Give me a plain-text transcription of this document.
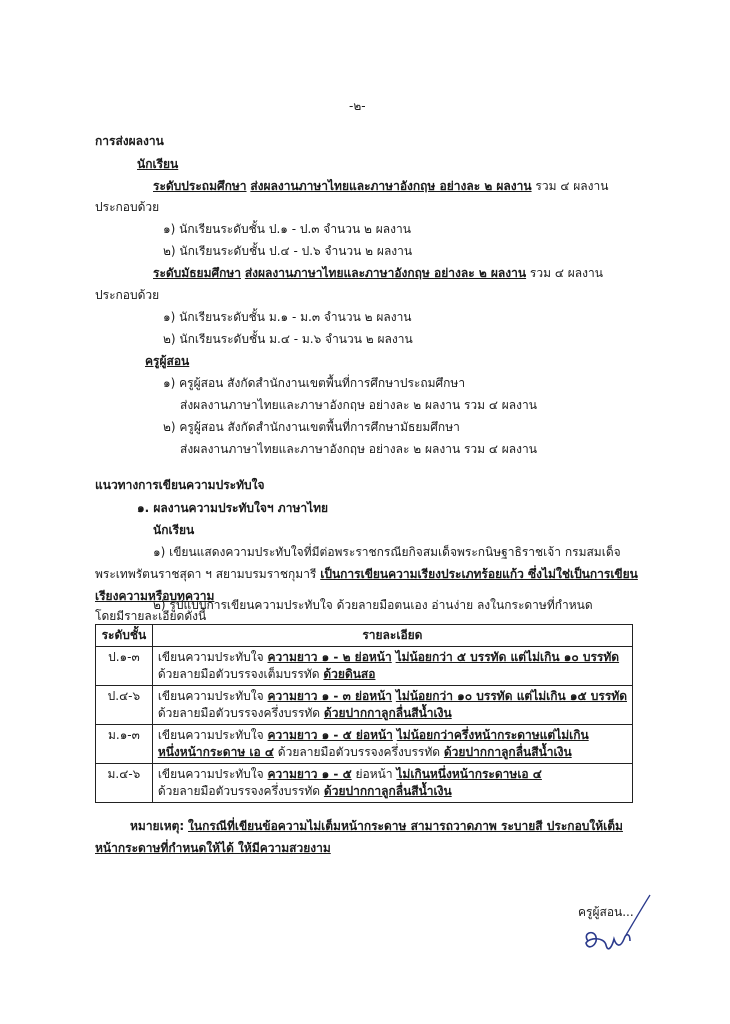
-๒-
การส่งผลงาน
นักเรียน
ระดับประถมศึกษา ส่งผลงานภาษาไทยและภาษาอังกฤษ อย่างละ ๒ ผลงาน รวม ๔ ผลงาน
ประกอบด้วย
๑) นักเรียนระดับชั้น ป.๑ - ป.๓ จำนวน ๒ ผลงาน
๒) นักเรียนระดับชั้น ป.๔ - ป.๖ จำนวน ๒ ผลงาน
ระดับมัธยมศึกษา ส่งผลงานภาษาไทยและภาษาอังกฤษ อย่างละ ๒ ผลงาน รวม ๔ ผลงาน
ประกอบด้วย
๑) นักเรียนระดับชั้น ม.๑ - ม.๓ จำนวน ๒ ผลงาน
๒) นักเรียนระดับชั้น ม.๔ - ม.๖ จำนวน ๒ ผลงาน
ครูผู้สอน
๑) ครูผู้สอน สังกัดสำนักงานเขตพื้นที่การศึกษาประถมศึกษา
ส่งผลงานภาษาไทยและภาษาอังกฤษ อย่างละ ๒ ผลงาน รวม ๔ ผลงาน
๒) ครูผู้สอน สังกัดสำนักงานเขตพื้นที่การศึกษามัธยมศึกษา
ส่งผลงานภาษาไทยและภาษาอังกฤษ อย่างละ ๒ ผลงาน รวม ๔ ผลงาน
แนวทางการเขียนความประทับใจ
๑. ผลงานความประทับใจฯ ภาษาไทย
นักเรียน
๑) เขียนแสดงความประทับใจที่มีต่อพระราชกรณียกิจสมเด็จพระกนิษฐาธิราชเจ้า กรมสมเด็จ
พระเทพรัตนราชสุดา ฯ สยามบรมราชกุมารี เป็นการเขียนความเรียงประเภทร้อยแก้ว ซึ่งไม่ใช่เป็นการเขียน
เรียงความหรือบทความ
๒) รูปแบบการเขียนความประทับใจ ด้วยลายมือตนเอง อ่านง่าย ลงในกระดาษที่กำหนด
ระดับชั้น	รายละเอียด
ป.๑-๓	เขียนความประทับใจ ความยาว ๑ - ๒ ย่อหน้า ไม่น้อยกว่า ๕ บรรทัด แต่ไม่เกิน ๑๐ บรรทัด
ด้วยลายมือตัวบรรจงเต็มบรรทัด ด้วยดินสอ
ป.๔-๖	เขียนความประทับใจ ความยาว ๑ - ๓ ย่อหน้า ไม่น้อยกว่า ๑๐ บรรทัด แต่ไม่เกิน ๑๕ บรรทัด
ด้วยลายมือตัวบรรจงครึ่งบรรทัด ด้วยปากกาลูกลื่นสีน้ำเงิน
ม.๑-๓	เขียนความประทับใจ ความยาว ๑ - ๕ ย่อหน้า ไม่น้อยกว่าครึ่งหน้ากระดาษแต่ไม่เกิน
หนึ่งหน้ากระดาษ เอ ๔ ด้วยลายมือตัวบรรจงครึ่งบรรทัด ด้วยปากกาลูกลื่นสีน้ำเงิน
ม.๔-๖	เขียนความประทับใจ ความยาว ๑ - ๕ ย่อหน้า ไม่เกินหนึ่งหน้ากระดาษเอ ๔
ด้วยลายมือตัวบรรจงครึ่งบรรทัด ด้วยปากกาลูกลื่นสีน้ำเงิน
หมายเหตุ: ในกรณีที่เขียนข้อความไม่เต็มหน้ากระดาษ สามารถวาดภาพ ระบายสี ประกอบให้เต็ม
หน้ากระดาษที่กำหนดให้ได้ ให้มีความสวยงาม
ครูผู้สอน...
โดยมีรายละเอียดดังนี้
